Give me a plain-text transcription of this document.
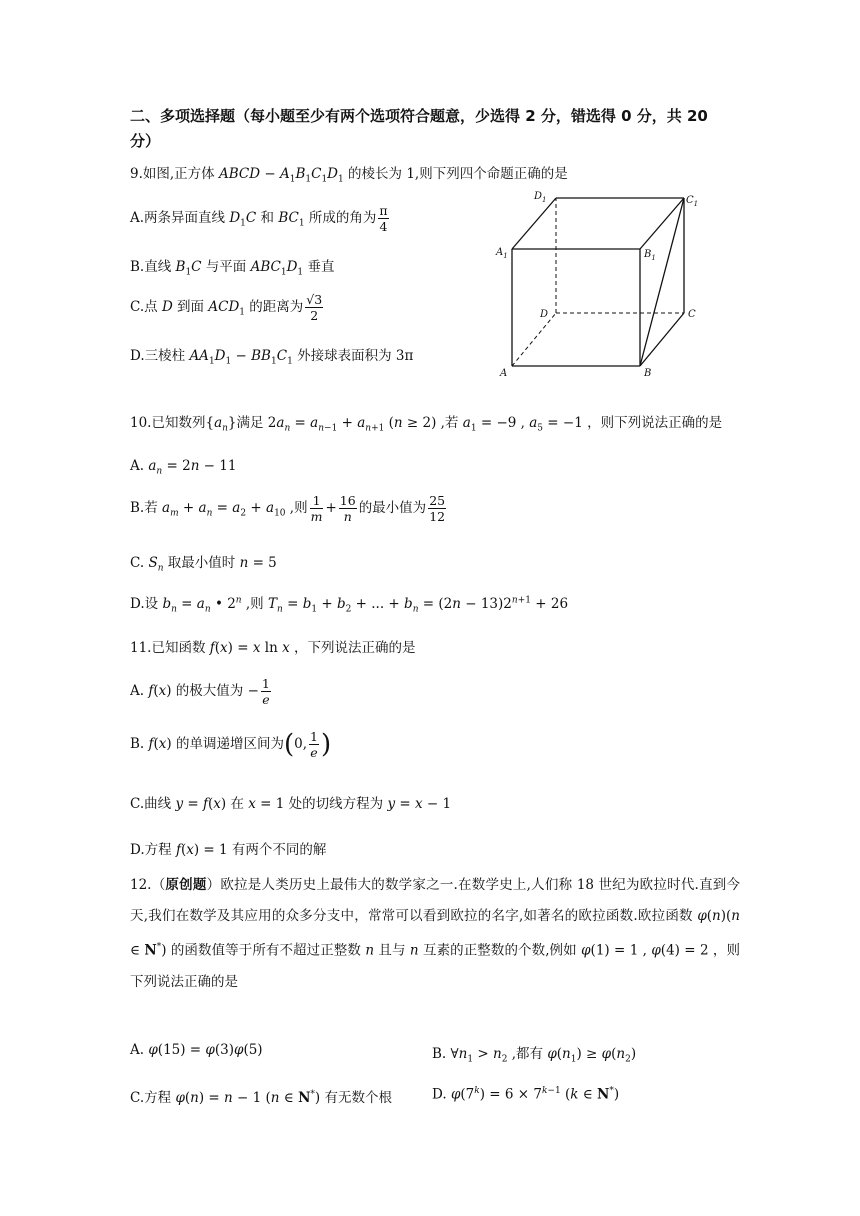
二、多项选择题（每小题至少有两个选项符合题意，少选得 2 分，错选得 0 分，共 20 分）
9.如图,正方体 ABCD − $A_1B_1C_1D_1$ 的棱长为 1,则下列四个命题正确的是
A.两条异面直线 $D_1C$ 和 $BC_1$ 所成的角为 $\frac{\pi}{4}$
B.直线 $B_1C$ 与平面 $ABC_1D_1$ 垂直
C.点 D 到面 $ACD_1$ 的距离为 $\frac{√3}{2}$
D.三棱柱 $AA_1D_1 - BB_1C_1$ 外接球表面积为 3π
$D_1$	$C_1$
$A_1$	$B_1$
D	C
A	B
10.已知数列$\{a_n\}$满足 $2a_n = a_{n-1} + a_{n+1}$ (n ≥ 2) ,若 $a_1 = -9$ , $a_5 = -1$ ，则下列说法正确的是
A. $a_n = 2n - 11$
B.若 $a_m + a_n = a_2 + a_{10}$ ,则 $\frac{1}{m} + \frac{16}{n}$ 的最小值为 $\frac{25}{12}$
C. $S_n$ 取最小值时 n = 5
D.设 $b_n = a_n$ • 2$^n$ ,则 $T_n = b_1 + b_2$ + ... + $b_n = (2n - 13)2^{n+1} + 26$
11.已知函数 f(x) = x ln x ，下列说法正确的是
A. f(x) 的极大值为 − $\frac{1}{e}$
B. f(x) 的单调递增区间为(0, $\frac{1}{e}$ )
C.曲线 y = f(x) 在 x = 1 处的切线方程为 y = x − 1
D.方程 f(x) = 1 有两个不同的解
12.（原创题）欧拉是人类历史上最伟大的数学家之一.在数学史上,人们称 18 世纪为欧拉时代.直到今天,我们在数学及其应用的众多分支中，常常可以看到欧拉的名字,如著名的欧拉函数.欧拉函数 φ(n)(n ∈ N*) 的函数值等于所有不超过正整数 n 且与 n 互素的正整数的个数,例如 φ(1) = 1 , φ(4) = 2 ，则下列说法正确的是
A. φ(15) = φ(3)φ(5)	B. $\forall n_1 > n_2$ ,都有 $\varphi(n_1) \ge \varphi(n_2)$
C.方程 φ(n) = n − 1 (n ∈ N*) 有无数个根	D. $\varphi(7^k) = 6 \times 7^{k-1}$ (k ∈ N*)
